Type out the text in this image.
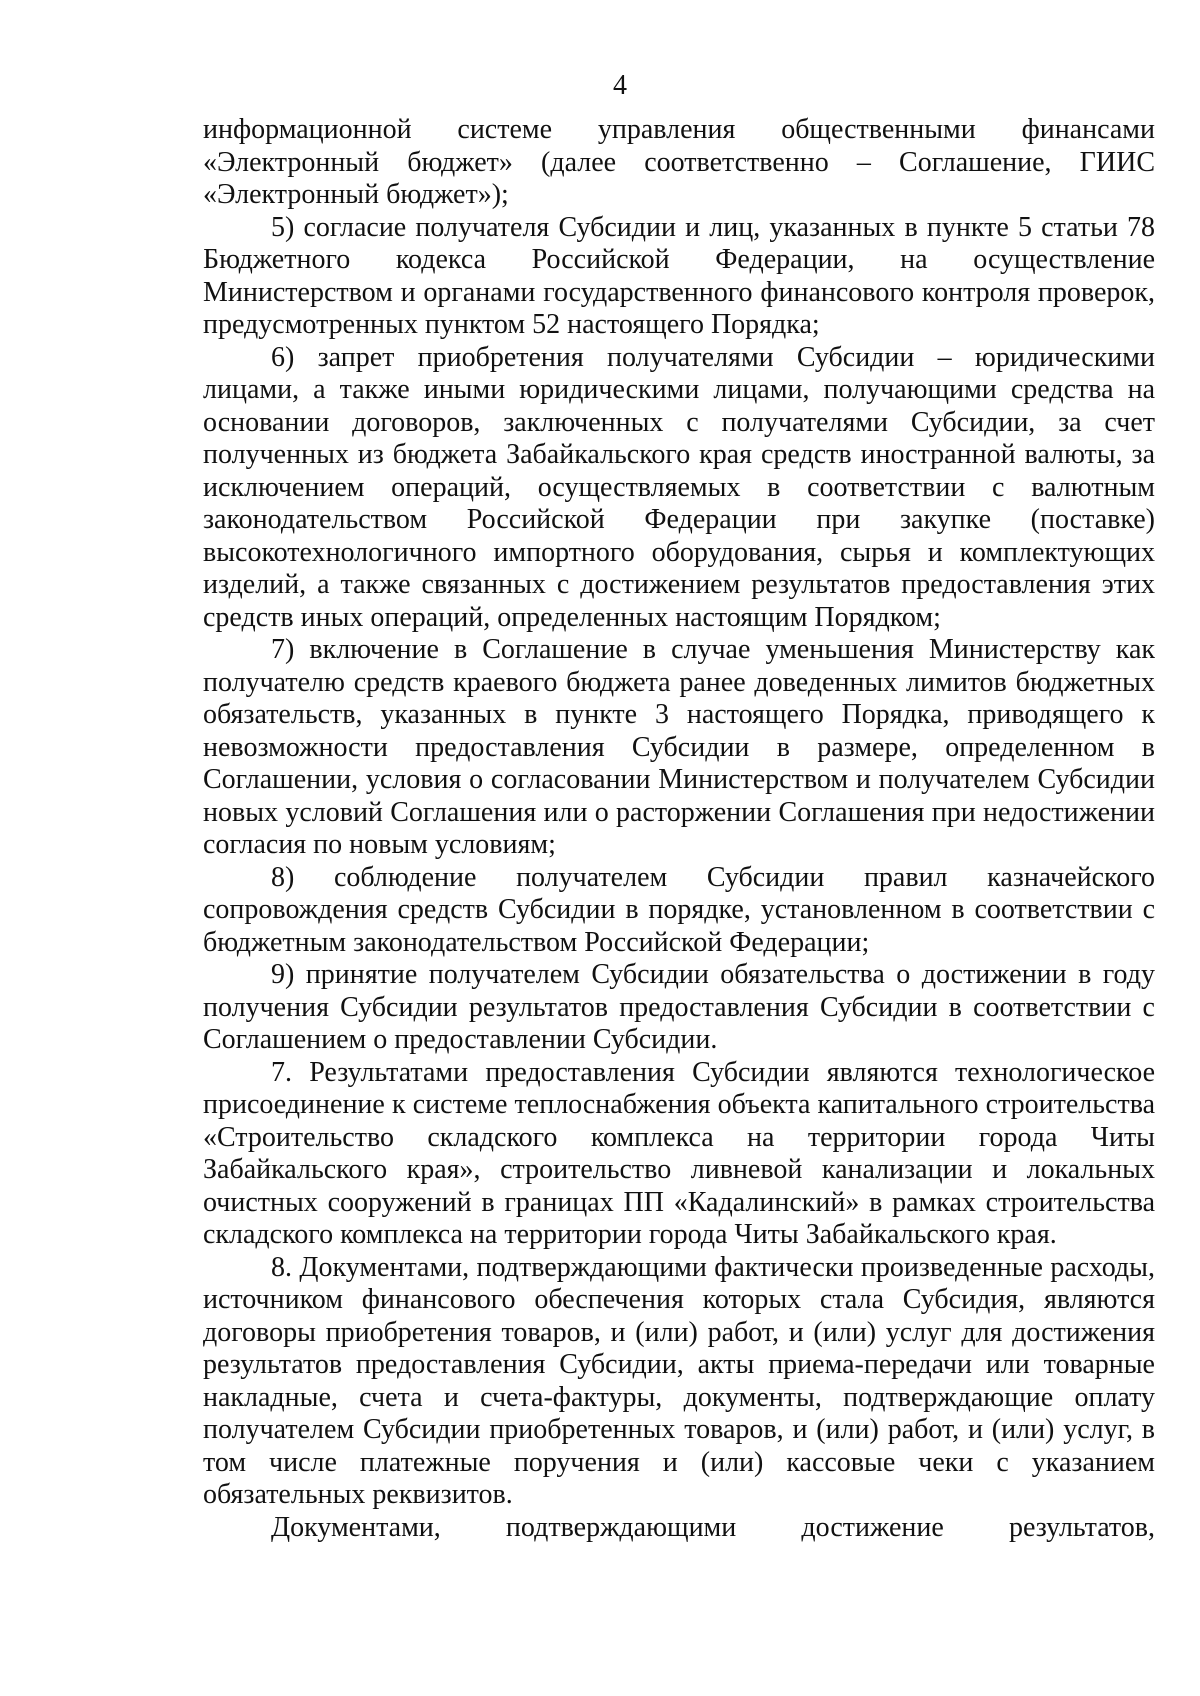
4

информационной системе управления общественными финансами «Электронный бюджет» (далее соответственно – Соглашение, ГИИС «Электронный бюджет»);

5) согласие получателя Субсидии и лиц, указанных в пункте 5 статьи 78 Бюджетного кодекса Российской Федерации, на осуществление Министерством и органами государственного финансового контроля проверок, предусмотренных пунктом 52 настоящего Порядка;

6) запрет приобретения получателями Субсидии – юридическими лицами, а также иными юридическими лицами, получающими средства на основании договоров, заключенных с получателями Субсидии, за счет полученных из бюджета Забайкальского края средств иностранной валюты, за исключением операций, осуществляемых в соответствии с валютным законодательством Российской Федерации при закупке (поставке) высокотехнологичного импортного оборудования, сырья и комплектующих изделий, а также связанных с достижением результатов предоставления этих средств иных операций, определенных настоящим Порядком;

7) включение в Соглашение в случае уменьшения Министерству как получателю средств краевого бюджета ранее доведенных лимитов бюджетных обязательств, указанных в пункте 3 настоящего Порядка, приводящего к невозможности предоставления Субсидии в размере, определенном в Соглашении, условия о согласовании Министерством и получателем Субсидии новых условий Соглашения или о расторжении Соглашения при недостижении согласия по новым условиям;

8) соблюдение получателем Субсидии правил казначейского сопровождения средств Субсидии в порядке, установленном в соответствии с бюджетным законодательством Российской Федерации;

9) принятие получателем Субсидии обязательства о достижении в году получения Субсидии результатов предоставления Субсидии в соответствии с Соглашением о предоставлении Субсидии.

7. Результатами предоставления Субсидии являются технологическое присоединение к системе теплоснабжения объекта капитального строительства «Строительство складского комплекса на территории города Читы Забайкальского края», строительство ливневой канализации и локальных очистных сооружений в границах ПП «Кадалинский» в рамках строительства складского комплекса на территории города Читы Забайкальского края.

8. Документами, подтверждающими фактически произведенные расходы, источником финансового обеспечения которых стала Субсидия, являются договоры приобретения товаров, и (или) работ, и (или) услуг для достижения результатов предоставления Субсидии, акты приема-передачи или товарные накладные, счета и счета-фактуры, документы, подтверждающие оплату получателем Субсидии приобретенных товаров, и (или) работ, и (или) услуг, в том числе платежные поручения и (или) кассовые чеки с указанием обязательных реквизитов.

Документами, подтверждающими достижение результатов,
